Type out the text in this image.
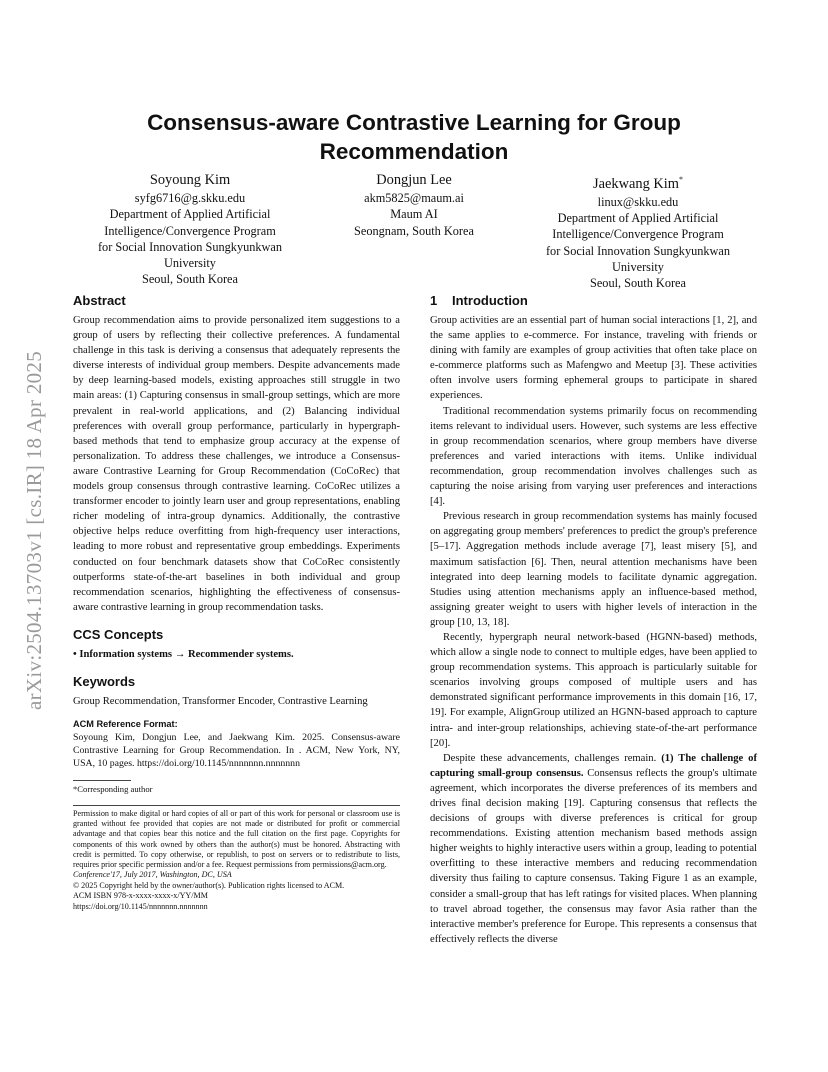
arXiv:2504.13703v1 [cs.IR] 18 Apr 2025
Consensus-aware Contrastive Learning for Group Recommendation
Soyoung Kim
syfg6716@g.skku.edu
Department of Applied Artificial
Intelligence/Convergence Program
for Social Innovation Sungkyunkwan
University
Seoul, South Korea
Dongjun Lee
akm5825@maum.ai
Maum AI
Seongnam, South Korea
Jaekwang Kim*
linux@skku.edu
Department of Applied Artificial
Intelligence/Convergence Program
for Social Innovation Sungkyunkwan
University
Seoul, South Korea
Abstract

Group recommendation aims to provide personalized item suggestions to a group of users by reflecting their collective preferences. A fundamental challenge in this task is deriving a consensus that adequately represents the diverse interests of individual group members. Despite advancements made by deep learning-based models, existing approaches still struggle in two main areas: (1) Capturing consensus in small-group settings, which are more prevalent in real-world applications, and (2) Balancing individual preferences with overall group performance, particularly in hypergraph-based methods that tend to emphasize group accuracy at the expense of personalization. To address these challenges, we introduce a Consensus-aware Contrastive Learning for Group Recommendation (CoCoRec) that models group consensus through contrastive learning. CoCoRec utilizes a transformer encoder to jointly learn user and group representations, enabling richer modeling of intra-group dynamics. Additionally, the contrastive objective helps reduce overfitting from high-frequency user interactions, leading to more robust and representative group embeddings. Experiments conducted on four benchmark datasets show that CoCoRec consistently outperforms state-of-the-art baselines in both individual and group recommendation scenarios, highlighting the effectiveness of consensus-aware contrastive learning in group recommendation tasks.

CCS Concepts

• Information systems → Recommender systems.

Keywords

Group Recommendation, Transformer Encoder, Contrastive Learning

ACM Reference Format:

Soyoung Kim, Dongjun Lee, and Jaekwang Kim. 2025. Consensus-aware Contrastive Learning for Group Recommendation. In . ACM, New York, NY, USA, 10 pages. https://doi.org/10.1145/nnnnnnn.nnnnnnn

*Corresponding author

Permission to make digital or hard copies of all or part of this work for personal or classroom use is granted without fee provided that copies are not made or distributed for profit or commercial advantage and that copies bear this notice and the full citation on the first page. Copyrights for components of this work owned by others than the author(s) must be honored. Abstracting with credit is permitted. To copy otherwise, or republish, to post on servers or to redistribute to lists, requires prior specific permission and/or a fee. Request permissions from permissions@acm.org.

Conference'17, July 2017, Washington, DC, USA

© 2025 Copyright held by the owner/author(s). Publication rights licensed to ACM.

ACM ISBN 978-x-xxxx-xxxx-x/YY/MM

https://doi.org/10.1145/nnnnnnn.nnnnnnn

1 Introduction

Group activities are an essential part of human social interactions [1, 2], and the same applies to e-commerce. For instance, traveling with friends or dining with family are examples of group activities that often take place on e-commerce platforms such as Mafengwo and Meetup [3]. These activities often involve users forming ephemeral groups to participate in shared experiences.

Traditional recommendation systems primarily focus on recommending items relevant to individual users. However, such systems are less effective in group recommendation scenarios, where group members have diverse preferences and varied interactions with items. Unlike individual recommendation, group recommendation involves challenges such as capturing the noise arising from varying user preferences and interactions [4].

Previous research in group recommendation systems has mainly focused on aggregating group members' preferences to predict the group's preference [5–17]. Aggregation methods include average [7], least misery [5], and maximum satisfaction [6]. Then, neural attention mechanisms have been integrated into deep learning models to facilitate dynamic aggregation. Studies using attention mechanisms apply an influence-based method, assigning greater weight to users with higher levels of interaction in the group [10, 13, 18].

Recently, hypergraph neural network-based (HGNN-based) methods, which allow a single node to connect to multiple edges, have been applied to group recommendation systems. This approach is particularly suitable for scenarios involving groups composed of multiple users and has demonstrated significant performance improvements in this domain [16, 17, 19]. For example, AlignGroup utilized an HGNN-based approach to capture intra- and inter-group relationships, achieving state-of-the-art performance [20].

Despite these advancements, challenges remain. (1) The challenge of capturing small-group consensus. Consensus reflects the group's ultimate agreement, which incorporates the diverse preferences of its members and drives final decision making [19]. Capturing consensus that reflects the decisions of groups with diverse preferences is critical for group recommendations. Existing attention mechanism based methods assign higher weights to highly interactive users within a group, leading to potential overfitting to these interactive members and reducing recommendation diversity thus failing to capture consensus. Taking Figure 1 as an example, consider a small-group that has left ratings for visited places. When planning to travel abroad together, the consensus may favor Asia rather than the interactive member's preference for Europe. This represents a consensus that effectively reflects the diverse
